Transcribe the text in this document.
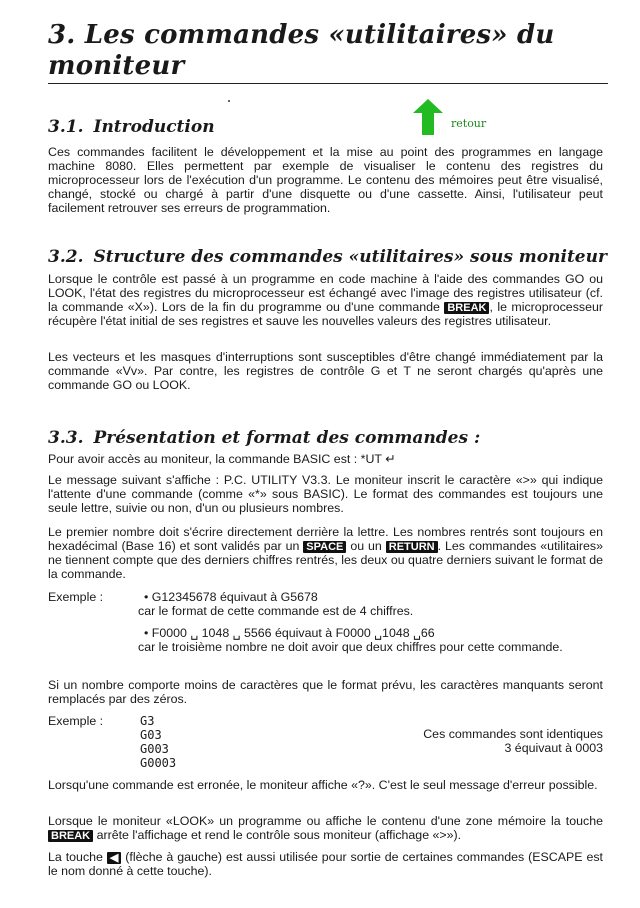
3. Les commandes «utilitaires» du
moniteur
retour
3.1. Introduction
Ces commandes facilitent le développement et la mise au point des programmes en langage machine 8080. Elles permettent par exemple de visualiser le contenu des registres du microprocesseur lors de l'exécution d'un programme. Le contenu des mémoires peut être visualisé, changé, stocké ou chargé à partir d'une disquette ou d'une cassette. Ainsi, l'utilisateur peut facilement retrouver ses erreurs de programmation.
3.2. Structure des commandes «utilitaires» sous moniteur
Lorsque le contrôle est passé à un programme en code machine à l'aide des commandes GO ou LOOK, l'état des registres du microprocesseur est échangé avec l'image des registres utilisateur (cf. la commande «X»). Lors de la fin du programme ou d'une commande BREAK , le microprocesseur récupère l'état initial de ses registres et sauve les nouvelles valeurs des registres utilisateur.
Les vecteurs et les masques d'interruptions sont susceptibles d'être changé immédiatement par la commande «Vv». Par contre, les registres de contrôle G et T ne seront chargés qu'après une commande GO ou LOOK.
3.3. Présentation et format des commandes :
Pour avoir accès au moniteur, la commande BASIC est : *UT ↵
Le message suivant s'affiche : P.C. UTILITY V3.3. Le moniteur inscrit le caractère «>» qui indique l'attente d'une commande (comme «*» sous BASIC). Le format des commandes est toujours une seule lettre, suivie ou non, d'un ou plusieurs nombres.
Le premier nombre doit s'écrire directement derrière la lettre. Les nombres rentrés sont toujours en hexadécimal (Base 16) et sont validés par un SPACE ou un RETURN . Les commandes «utilitaires» ne tiennent compte que des derniers chiffres rentrés, les deux ou quatre derniers suivant le format de la commande.
Exemple :	• G12345678 équivaut à G5678
car le format de cette commande est de 4 chiffres.
• F0000 ␣ 1048 ␣ 5566 équivaut à F0000 ␣1048 ␣66
car le troisième nombre ne doit avoir que deux chiffres pour cette commande.
Si un nombre comporte moins de caractères que le format prévu, les caractères manquants seront remplacés par des zéros.
Exemple :	G3
G03
G003
G0003
Ces commandes sont identiques
3 équivaut à 0003
Lorsqu'une commande est erronée, le moniteur affiche «?». C'est le seul message d'erreur possible.
Lorsque le moniteur «LOOK» un programme ou affiche le contenu d'une zone mémoire la touche BREAK arrête l'affichage et rend le contrôle sous moniteur (affichage «>»).
La touche ◀ (flèche à gauche) est aussi utilisée pour sortie de certaines commandes (ESCAPE est le nom donné à cette touche).
